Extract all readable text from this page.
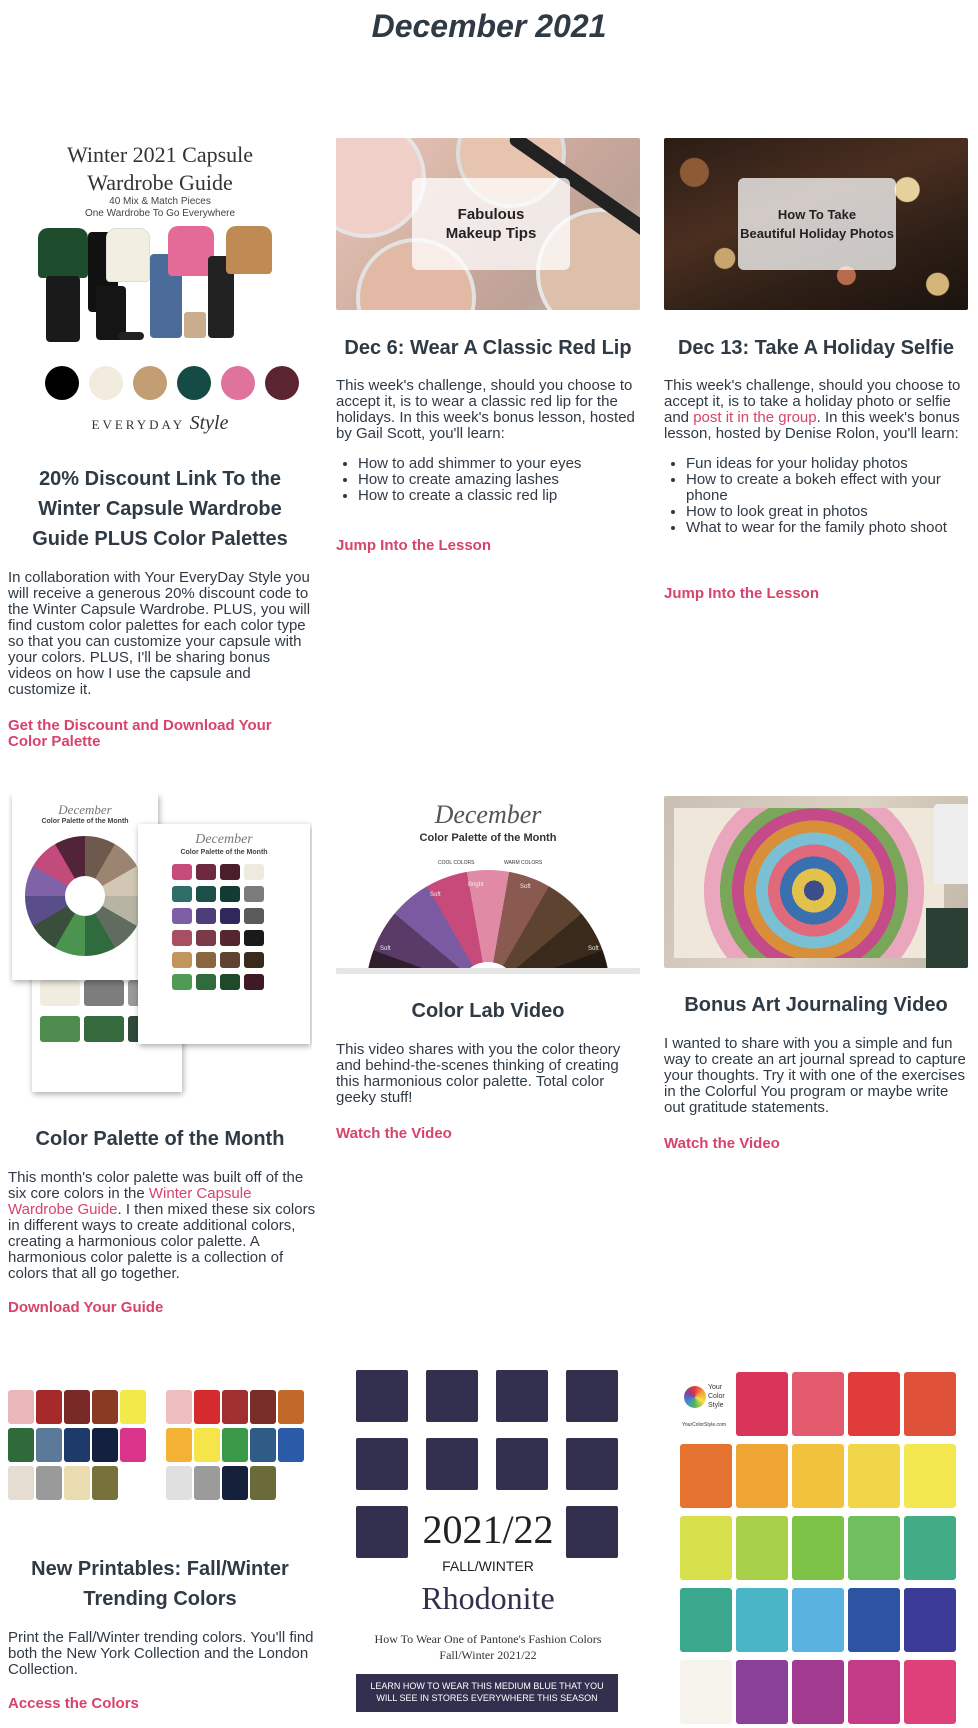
December 2021
Winter 2021 Capsule
Wardrobe Guide
40 Mix & Match Pieces
One Wardrobe To Go Everywhere
EVERYDAY Style
20% Discount Link To the Winter Capsule Wardrobe Guide PLUS Color Palettes
In collaboration with Your EveryDay Style you will receive a generous 20% discount code to the Winter Capsule Wardrobe. PLUS, you will find custom color palettes for each color type so that you can customize your capsule with your colors. PLUS, I'll be sharing bonus videos on how I use the capsule and customize it.
Get the Discount and Download Your Color Palette
Fabulous
Makeup Tips
Dec 6: Wear A Classic Red Lip
This week's challenge, should you choose to accept it, is to wear a classic red lip for the holidays. In this week's bonus lesson, hosted by Gail Scott, you'll learn:
• How to add shimmer to your eyes
• How to create amazing lashes
• How to create a classic red lip
Jump Into the Lesson
How To Take
Beautiful Holiday Photos
Dec 13: Take A Holiday Selfie
This week's challenge, should you choose to accept it, is to take a holiday photo or selfie and post it in the group. In this week's bonus lesson, hosted by Denise Rolon, you'll learn:
• Fun ideas for your holiday photos
• How to create a bokeh effect with your phone
• How to look great in photos
• What to wear for the family photo shoot
Jump Into the Lesson
December
Color Palette of the Month
December
Color Palette of the Month
Color Palette of the Month
This month's color palette was built off of the six core colors in the Winter Capsule Wardrobe Guide. I then mixed these six colors in different ways to create additional colors, creating a harmonious color palette. A harmonious color palette is a collection of colors that all go together.
Download Your Guide
December
Color Palette of the Month
COOL COLORS	WARM COLORS
Bright
Soft
Soft
Soft	Soft
Color Lab Video
This video shares with you the color theory and behind-the-scenes thinking of creating this harmonious color palette. Total color geeky stuff!
Watch the Video
Bonus Art Journaling Video
I wanted to share with you a simple and fun way to create an art journal spread to capture your thoughts. Try it with one of the exercises in the Colorful You program or maybe write out gratitude statements.
Watch the Video
New Printables: Fall/Winter Trending Colors
Print the Fall/Winter trending colors. You'll find both the New York Collection and the London Collection.
Access the Colors
2021/22
FALL/WINTER
Rhodonite
How To Wear One of Pantone's Fashion Colors
Fall/Winter 2021/22
LEARN HOW TO WEAR THIS MEDIUM BLUE THAT YOU
WILL SEE IN STORES EVERYWHERE THIS SEASON
Your
Color
Style
YourColorStyle.com
